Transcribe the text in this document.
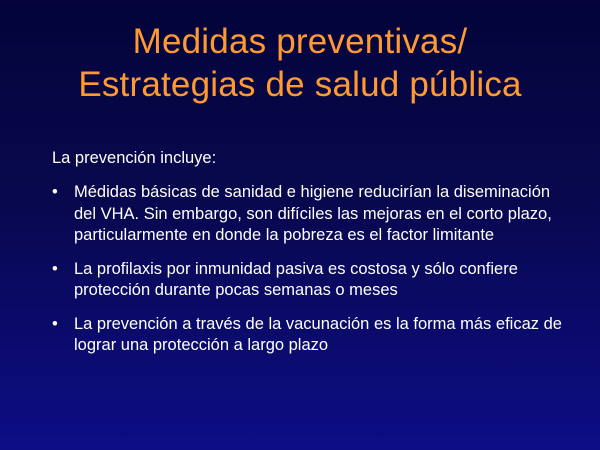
Medidas preventivas/
Estrategias de salud pública
La prevención incluye:
• Médidas básicas de sanidad e higiene reducirían la diseminación del VHA. Sin embargo, son difíciles las mejoras en el corto plazo, particularmente en donde la pobreza es el factor limitante
• La profilaxis por inmunidad pasiva es costosa y sólo confiere protección durante pocas semanas o meses
• La prevención a través de la vacunación es la forma más eficaz de lograr una protección a largo plazo
